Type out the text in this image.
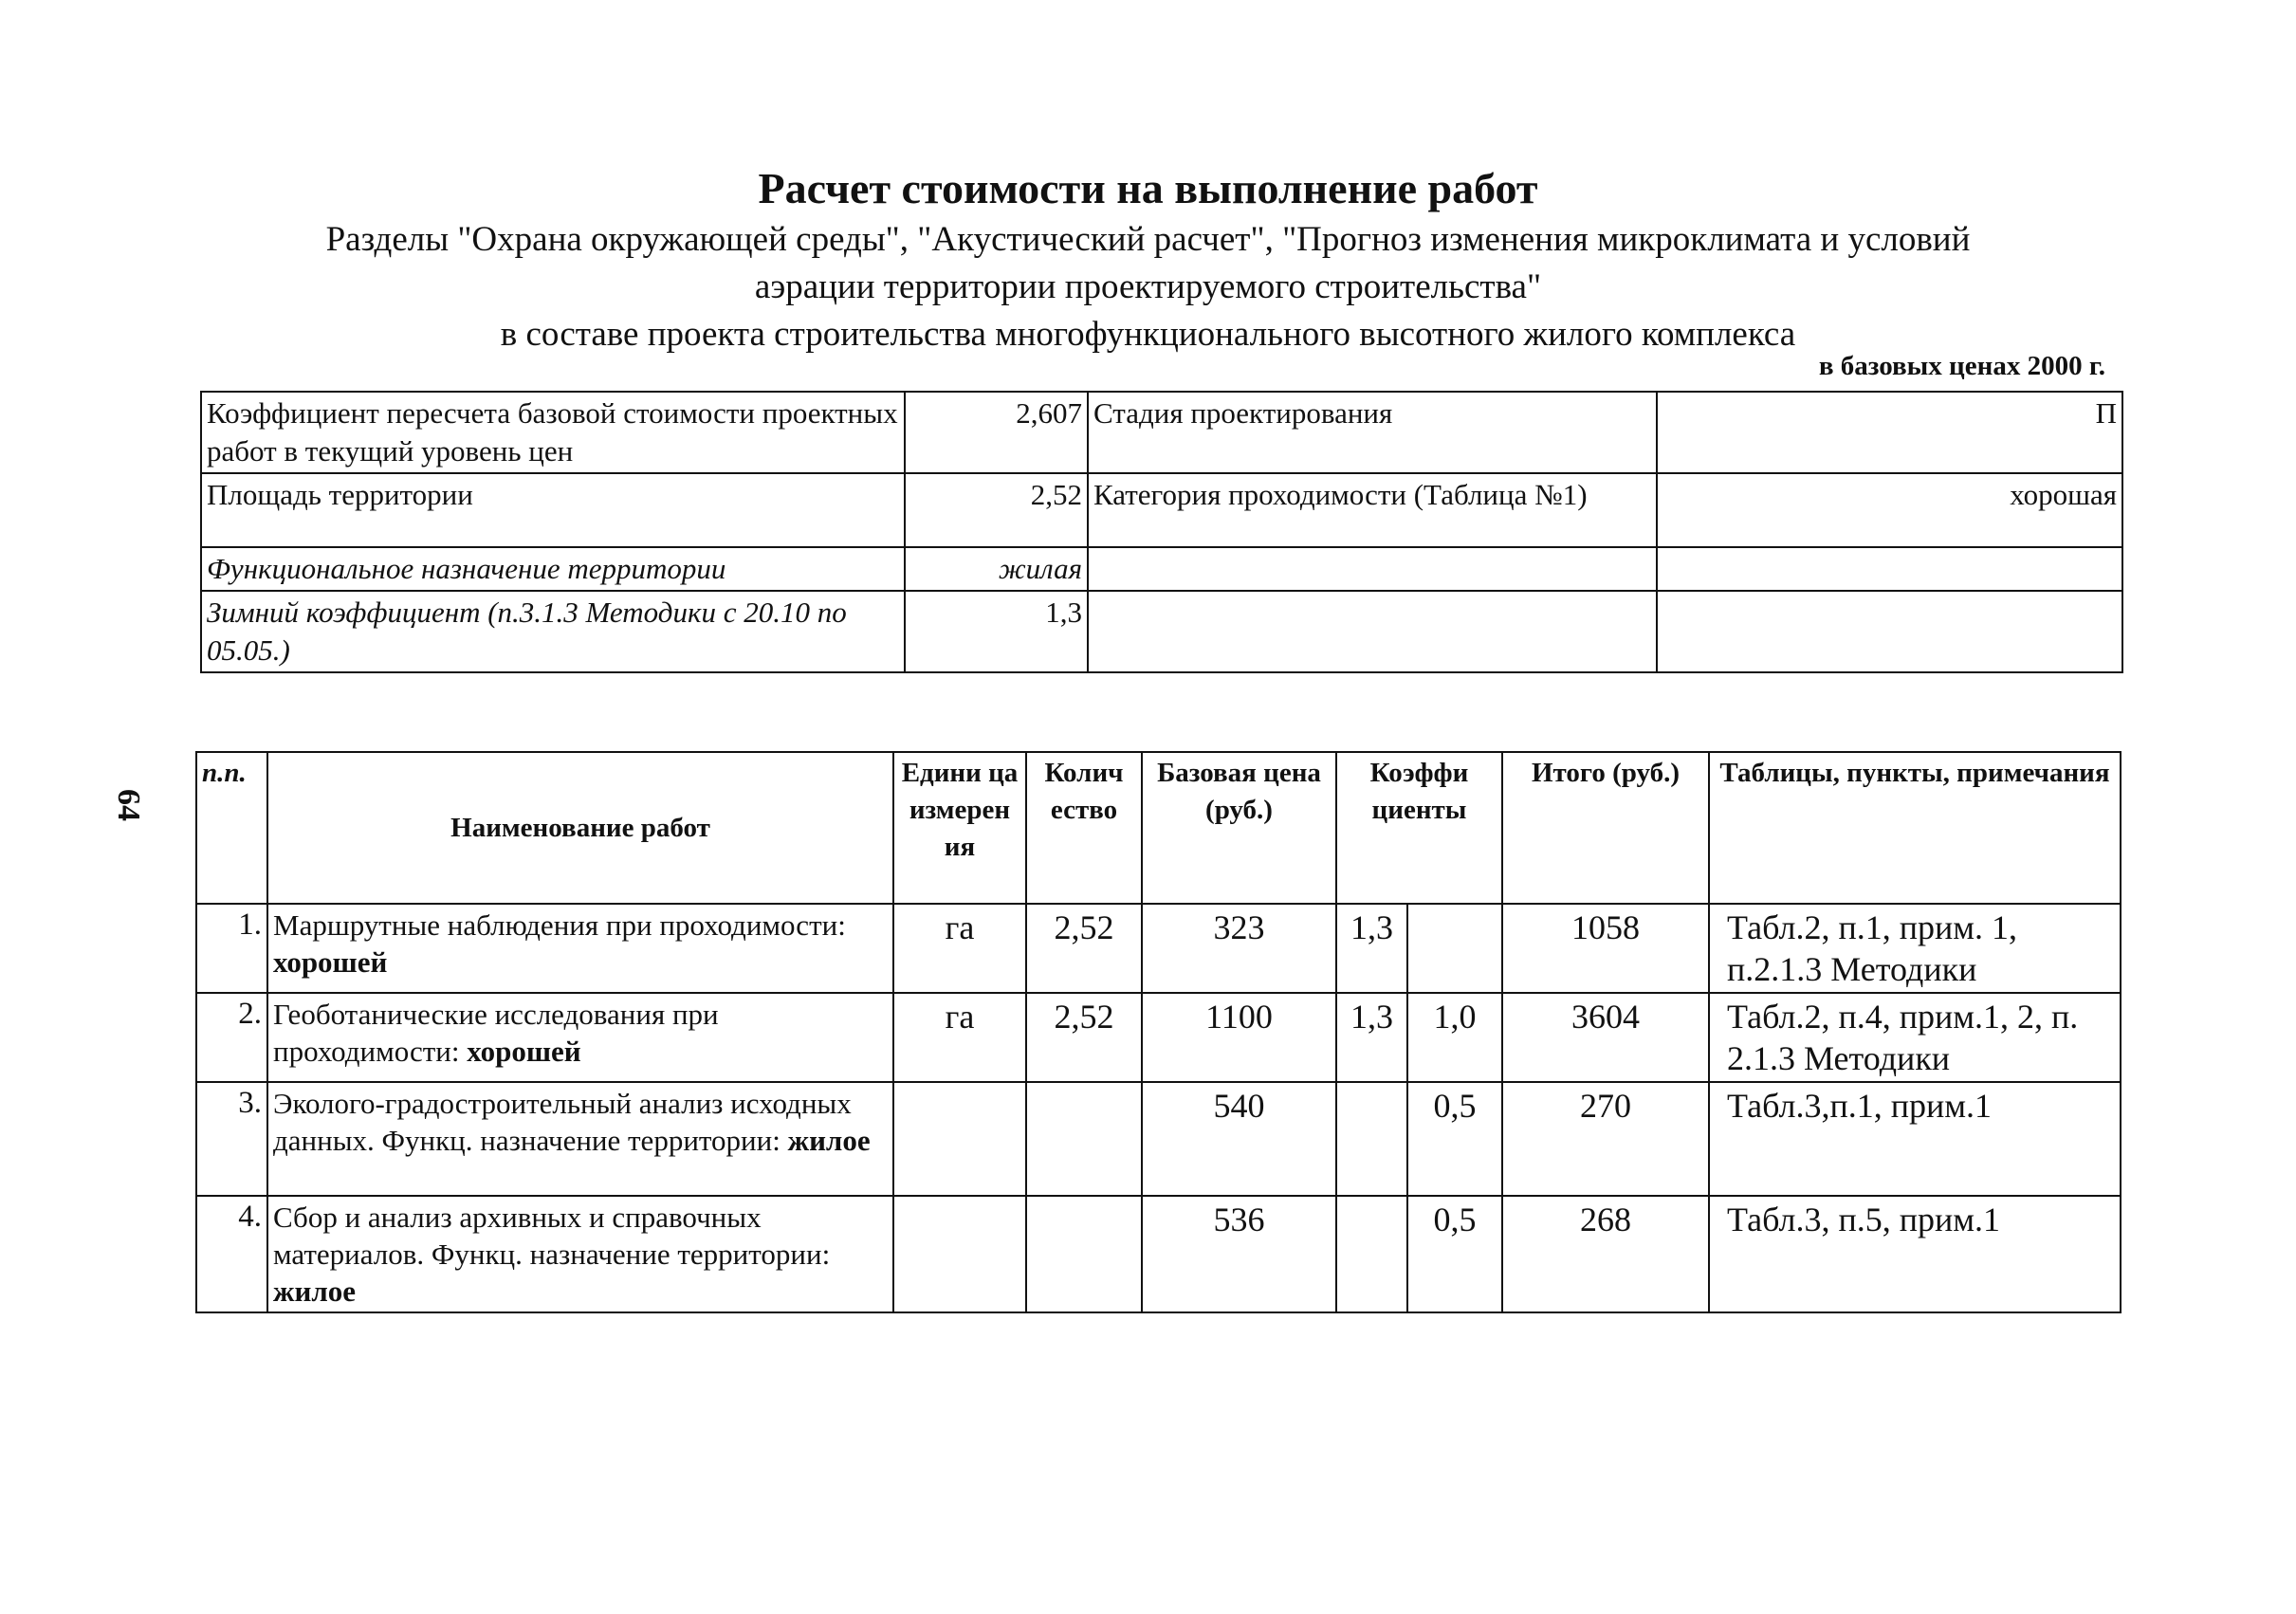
Расчет стоимости на выполнение работ
Разделы "Охрана окружающей среды", "Акустический расчет", "Прогноз изменения микроклимата и условий
аэрации территории проектируемого строительства"
в составе проекта строительства многофункционального высотного жилого комплекса
в базовых ценах 2000 г.
64
Коэффициент пересчета базовой стоимости проектных работ в текущий уровень цен	2,607	Стадия проектирования	П
Площадь территории	2,52	Категория проходимости (Таблица №1)	хорошая
Функциональное назначение территории	жилая		
Зимний коэффициент (п.3.1.3 Методики с 20.10 по 05.05.)	1,3		
п.п.	Наименование работ	Едини ца измерен ия	Колич ество	Базовая цена (руб.)	Коэффи циенты		Итого (руб.)	Таблицы, пункты, примечания
1.	Маршрутные наблюдения при проходимости: хорошей	га	2,52	323	1,3		1058	Табл.2, п.1, прим. 1, п.2.1.3 Методики
2.	Геоботанические исследования при проходимости: хорошей	га	2,52	1100	1,3	1,0	3604	Табл.2, п.4, прим.1, 2, п. 2.1.3 Методики
3.	Эколого-градостроительный анализ исходных данных. Функц. назначение территории: жилое			540		0,5	270	Табл.3,п.1, прим.1
4.	Сбор и анализ архивных и справочных материалов. Функц. назначение территории: жилое			536		0,5	268	Табл.3, п.5, прим.1
